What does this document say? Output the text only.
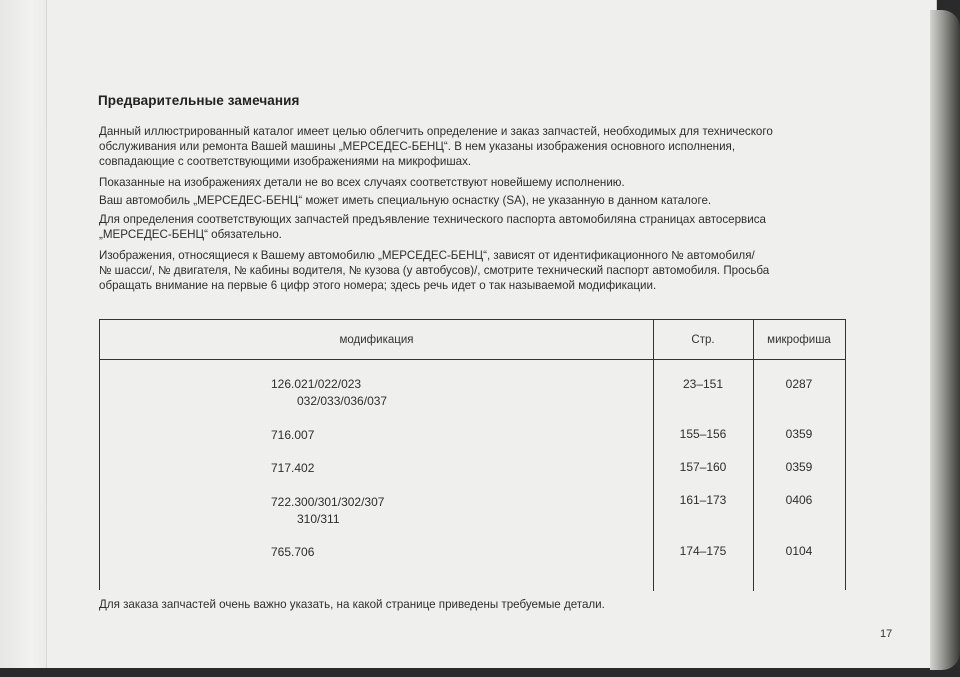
Предварительные замечания
Данный иллюстрированный каталог имеет целью облегчить определение и заказ запчастей, необходимых для технического
обслуживания или ремонта Вашей машины „МЕРСЕДЕС-БЕНЦ“. В нем указаны изображения основного исполнения,
совпадающие с соответствующими изображениями на микрофишах.
Показанные на изображениях детали не во всех случаях соответствуют новейшему исполнению.
Ваш автомобиль „МЕРСЕДЕС-БЕНЦ“ может иметь специальную оснастку (SA), не указанную в данном каталоге.
Для определения соответствующих запчастей предъявление технического паспорта автомобиляна страницах автосервиса
„МЕРСЕДЕС-БЕНЦ“ обязательно.
Изображения, относящиеся к Вашему автомобилю „МЕРСЕДЕС-БЕНЦ“, зависят от идентификационного № автомобиля/
№ шасси/, № двигателя, № кабины водителя, № кузова (у автобусов)/, смотрите технический паспорт автомобиля. Просьба
обращать внимание на первые 6 цифр этого номера; здесь речь идет о так называемой модификации.
модификация	Стр.	микрофиша
126.021/022/023
032/033/036/037
23–151	0287
716.007	155–156	0359
717.402	157–160	0359
722.300/301/302/307
310/311
161–173	0406
765.706	174–175	0104
Для заказа запчастей очень важно указать, на какой странице приведены требуемые детали.
17
